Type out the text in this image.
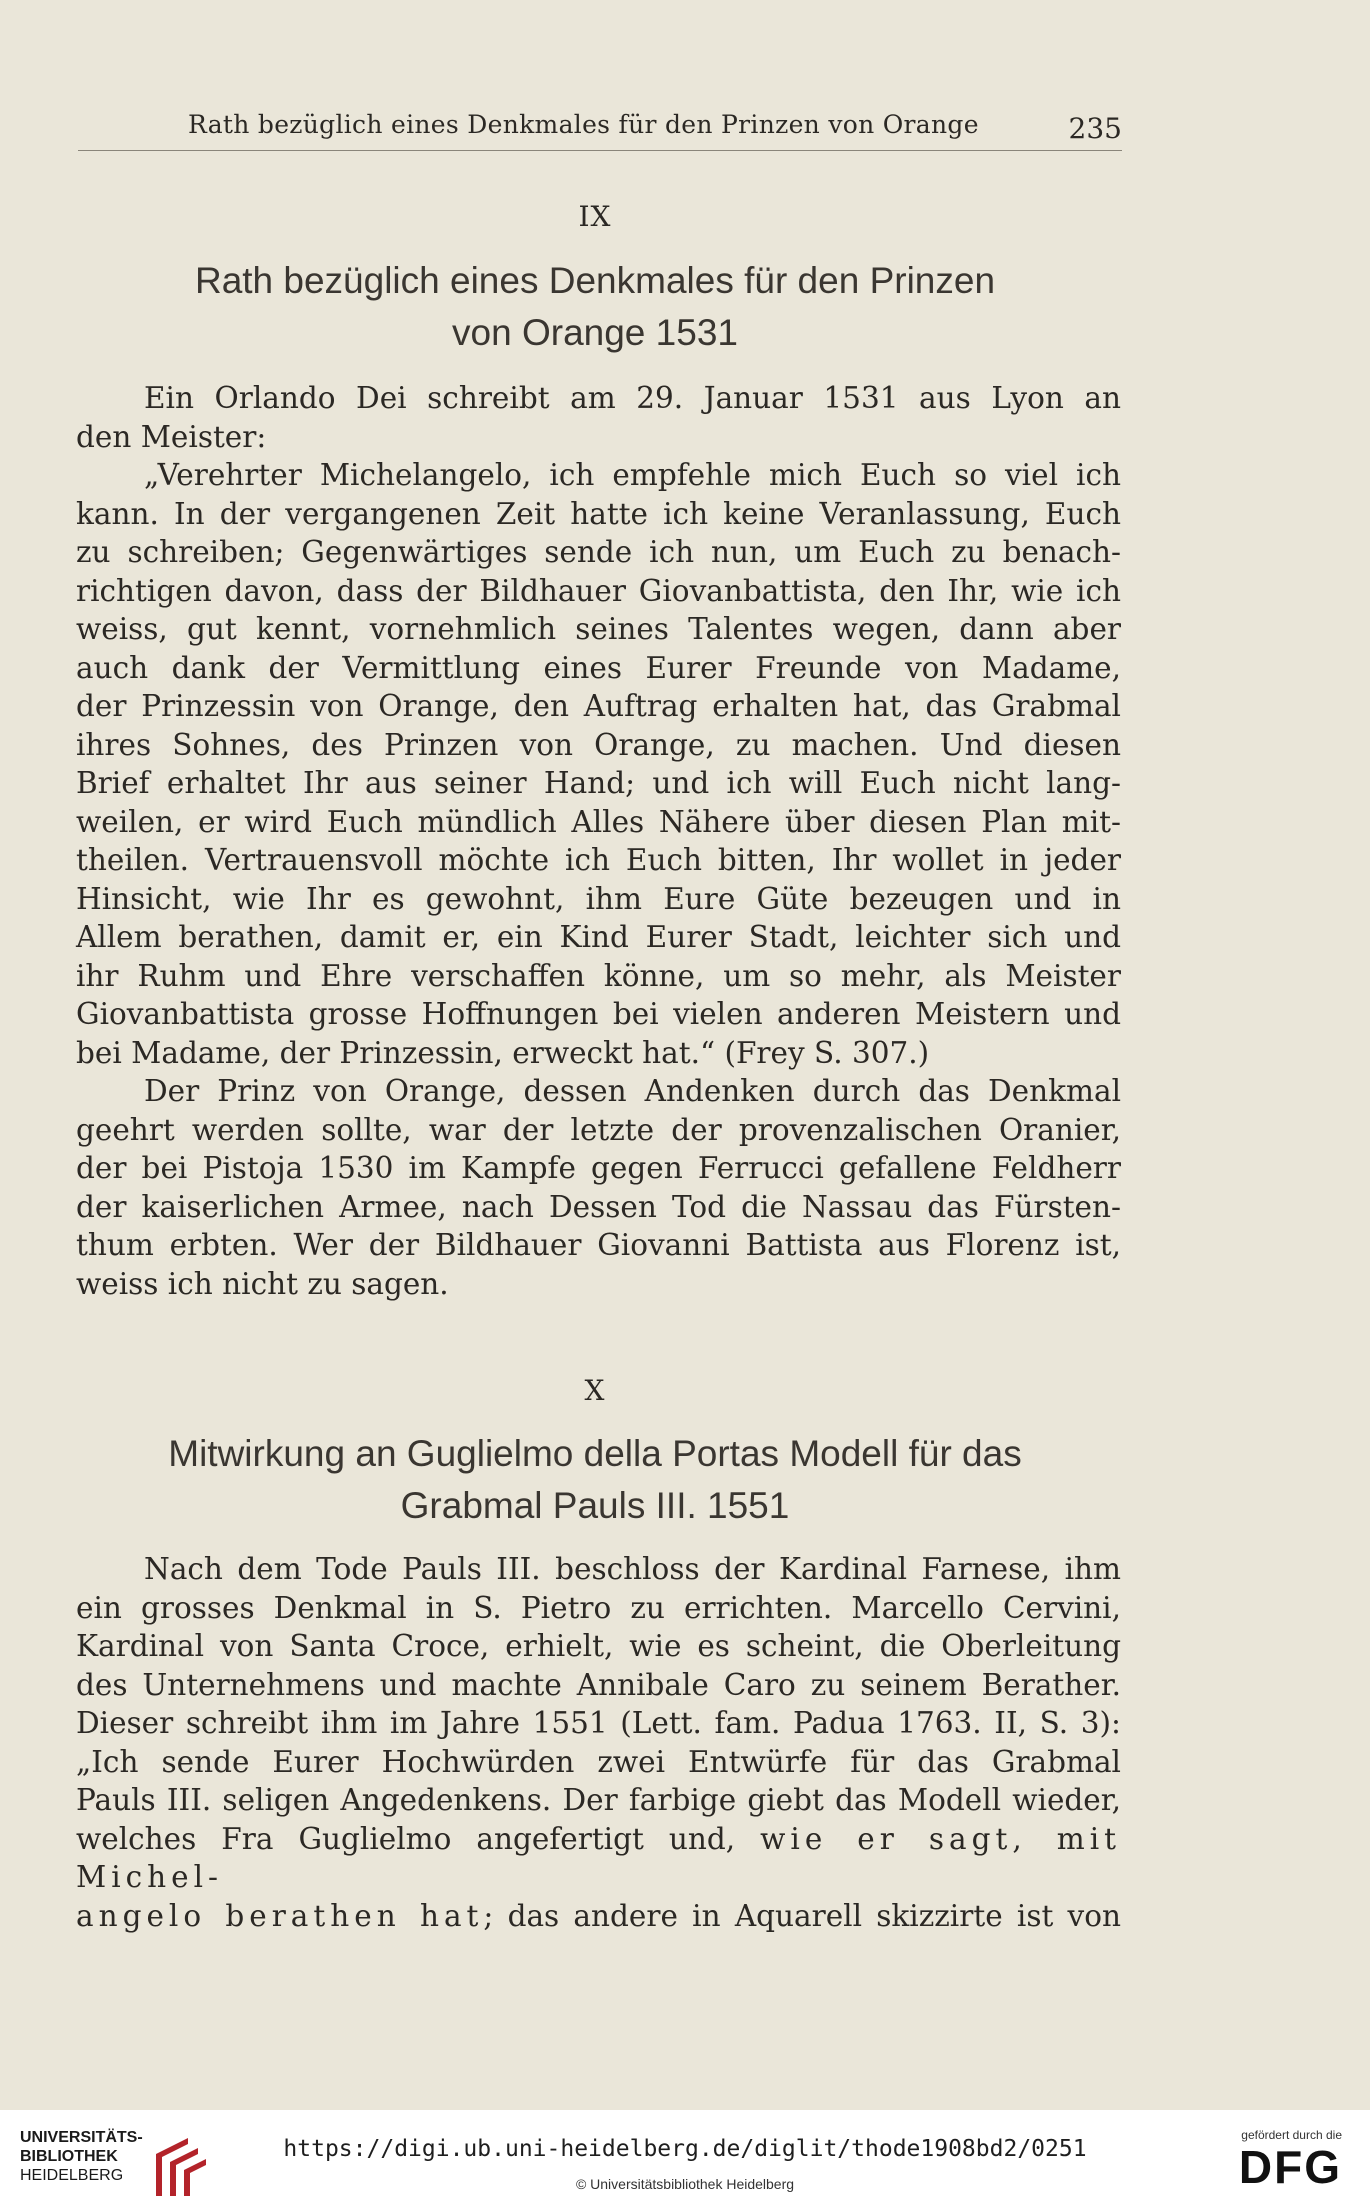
Rath bezüglich eines Denkmales für den Prinzen von Orange	235
IX
Rath bezüglich eines Denkmales für den Prinzen
von Orange 1531

Ein Orlando Dei schreibt am 29. Januar 1531 aus Lyon an

den Meister:

„Verehrter Michelangelo, ich empfehle mich Euch so viel ich

kann. In der vergangenen Zeit hatte ich keine Veranlassung, Euch

zu schreiben; Gegenwärtiges sende ich nun, um Euch zu benach-

richtigen davon, dass der Bildhauer Giovanbattista, den Ihr, wie ich

weiss, gut kennt, vornehmlich seines Talentes wegen, dann aber

auch dank der Vermittlung eines Eurer Freunde von Madame,

der Prinzessin von Orange, den Auftrag erhalten hat, das Grabmal

ihres Sohnes, des Prinzen von Orange, zu machen. Und diesen

Brief erhaltet Ihr aus seiner Hand; und ich will Euch nicht lang-

weilen, er wird Euch mündlich Alles Nähere über diesen Plan mit-

theilen. Vertrauensvoll möchte ich Euch bitten, Ihr wollet in jeder

Hinsicht, wie Ihr es gewohnt, ihm Eure Güte bezeugen und in

Allem berathen, damit er, ein Kind Eurer Stadt, leichter sich und

ihr Ruhm und Ehre verschaffen könne, um so mehr, als Meister

Giovanbattista grosse Hoffnungen bei vielen anderen Meistern und

bei Madame, der Prinzessin, erweckt hat.“ (Frey S. 307.)

Der Prinz von Orange, dessen Andenken durch das Denkmal

geehrt werden sollte, war der letzte der provenzalischen Oranier,

der bei Pistoja 1530 im Kampfe gegen Ferrucci gefallene Feldherr

der kaiserlichen Armee, nach Dessen Tod die Nassau das Fürsten-

thum erbten. Wer der Bildhauer Giovanni Battista aus Florenz ist,

weiss ich nicht zu sagen.

X
Mitwirkung an Guglielmo della Portas Modell für das
Grabmal Pauls III. 1551

Nach dem Tode Pauls III. beschloss der Kardinal Farnese, ihm

ein grosses Denkmal in S. Pietro zu errichten. Marcello Cervini,

Kardinal von Santa Croce, erhielt, wie es scheint, die Oberleitung

des Unternehmens und machte Annibale Caro zu seinem Berather.

Dieser schreibt ihm im Jahre 1551 (Lett. fam. Padua 1763. II, S. 3):

„Ich sende Eurer Hochwürden zwei Entwürfe für das Grabmal

Pauls III. seligen Angedenkens. Der farbige giebt das Modell wieder,

welches Fra Guglielmo angefertigt und, wie er sagt, mit Michel-

angelo berathen hat; das andere in Aquarell skizzirte ist von

UNIVERSITÄTS-
BIBLIOTHEK
HEIDELBERG
https://digi.ub.uni-heidelberg.de/diglit/thode1908bd2/0251
© Universitätsbibliothek Heidelberg
gefördert durch die
DFG
